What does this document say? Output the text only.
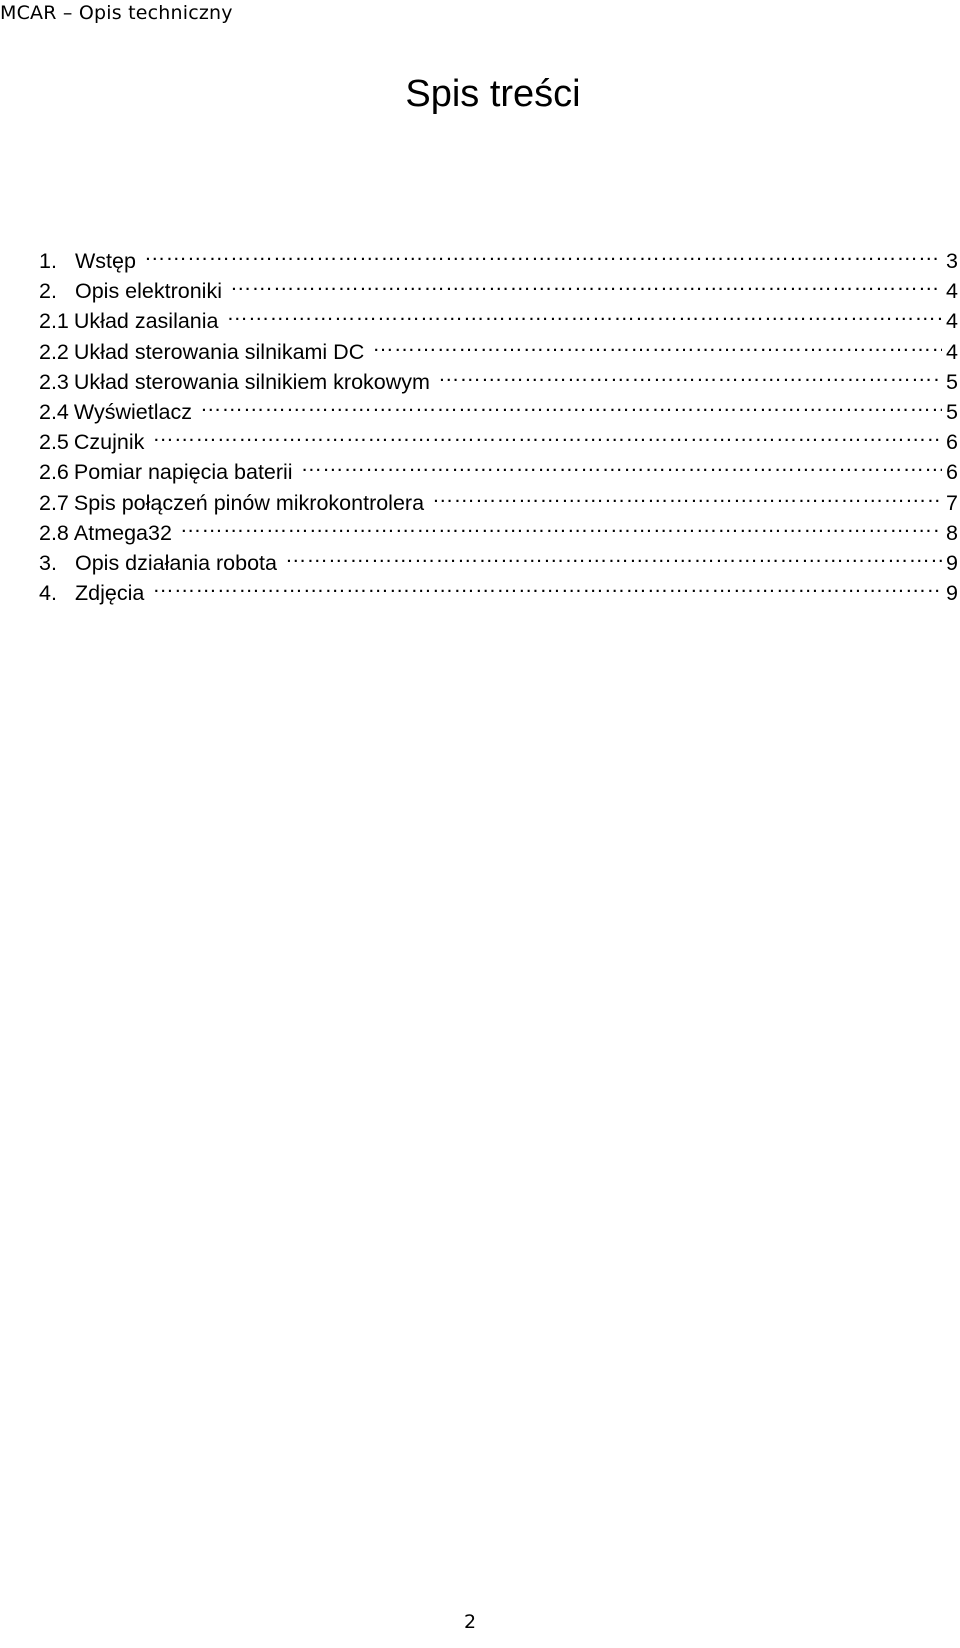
MCAR – Opis techniczny
Spis treści
1. Wstęp ……………………………………………………………………………………………………………………………………………	3
2. Opis elektroniki ……………………………………………………………………………………………………………………………………………	4
2.1 Układ zasilania ……………………………………………………………………………………………………………………………………………	4
2.2 Układ sterowania silnikami DC ……………………………………………………………………………………………………………………………………………	4
2.3 Układ sterowania silnikiem krokowym ……………………………………………………………………………………………………………………………………………	5
2.4 Wyświetlacz ……………………………………………………………………………………………………………………………………………	5
2.5 Czujnik ……………………………………………………………………………………………………………………………………………	6
2.6 Pomiar napięcia baterii ……………………………………………………………………………………………………………………………………………	6
2.7 Spis połączeń pinów mikrokontrolera ……………………………………………………………………………………………………………………………………………	7
2.8 Atmega32 ……………………………………………………………………………………………………………………………………………	8
3. Opis działania robota ……………………………………………………………………………………………………………………………………………	9
4. Zdjęcia ……………………………………………………………………………………………………………………………………………	9
2
